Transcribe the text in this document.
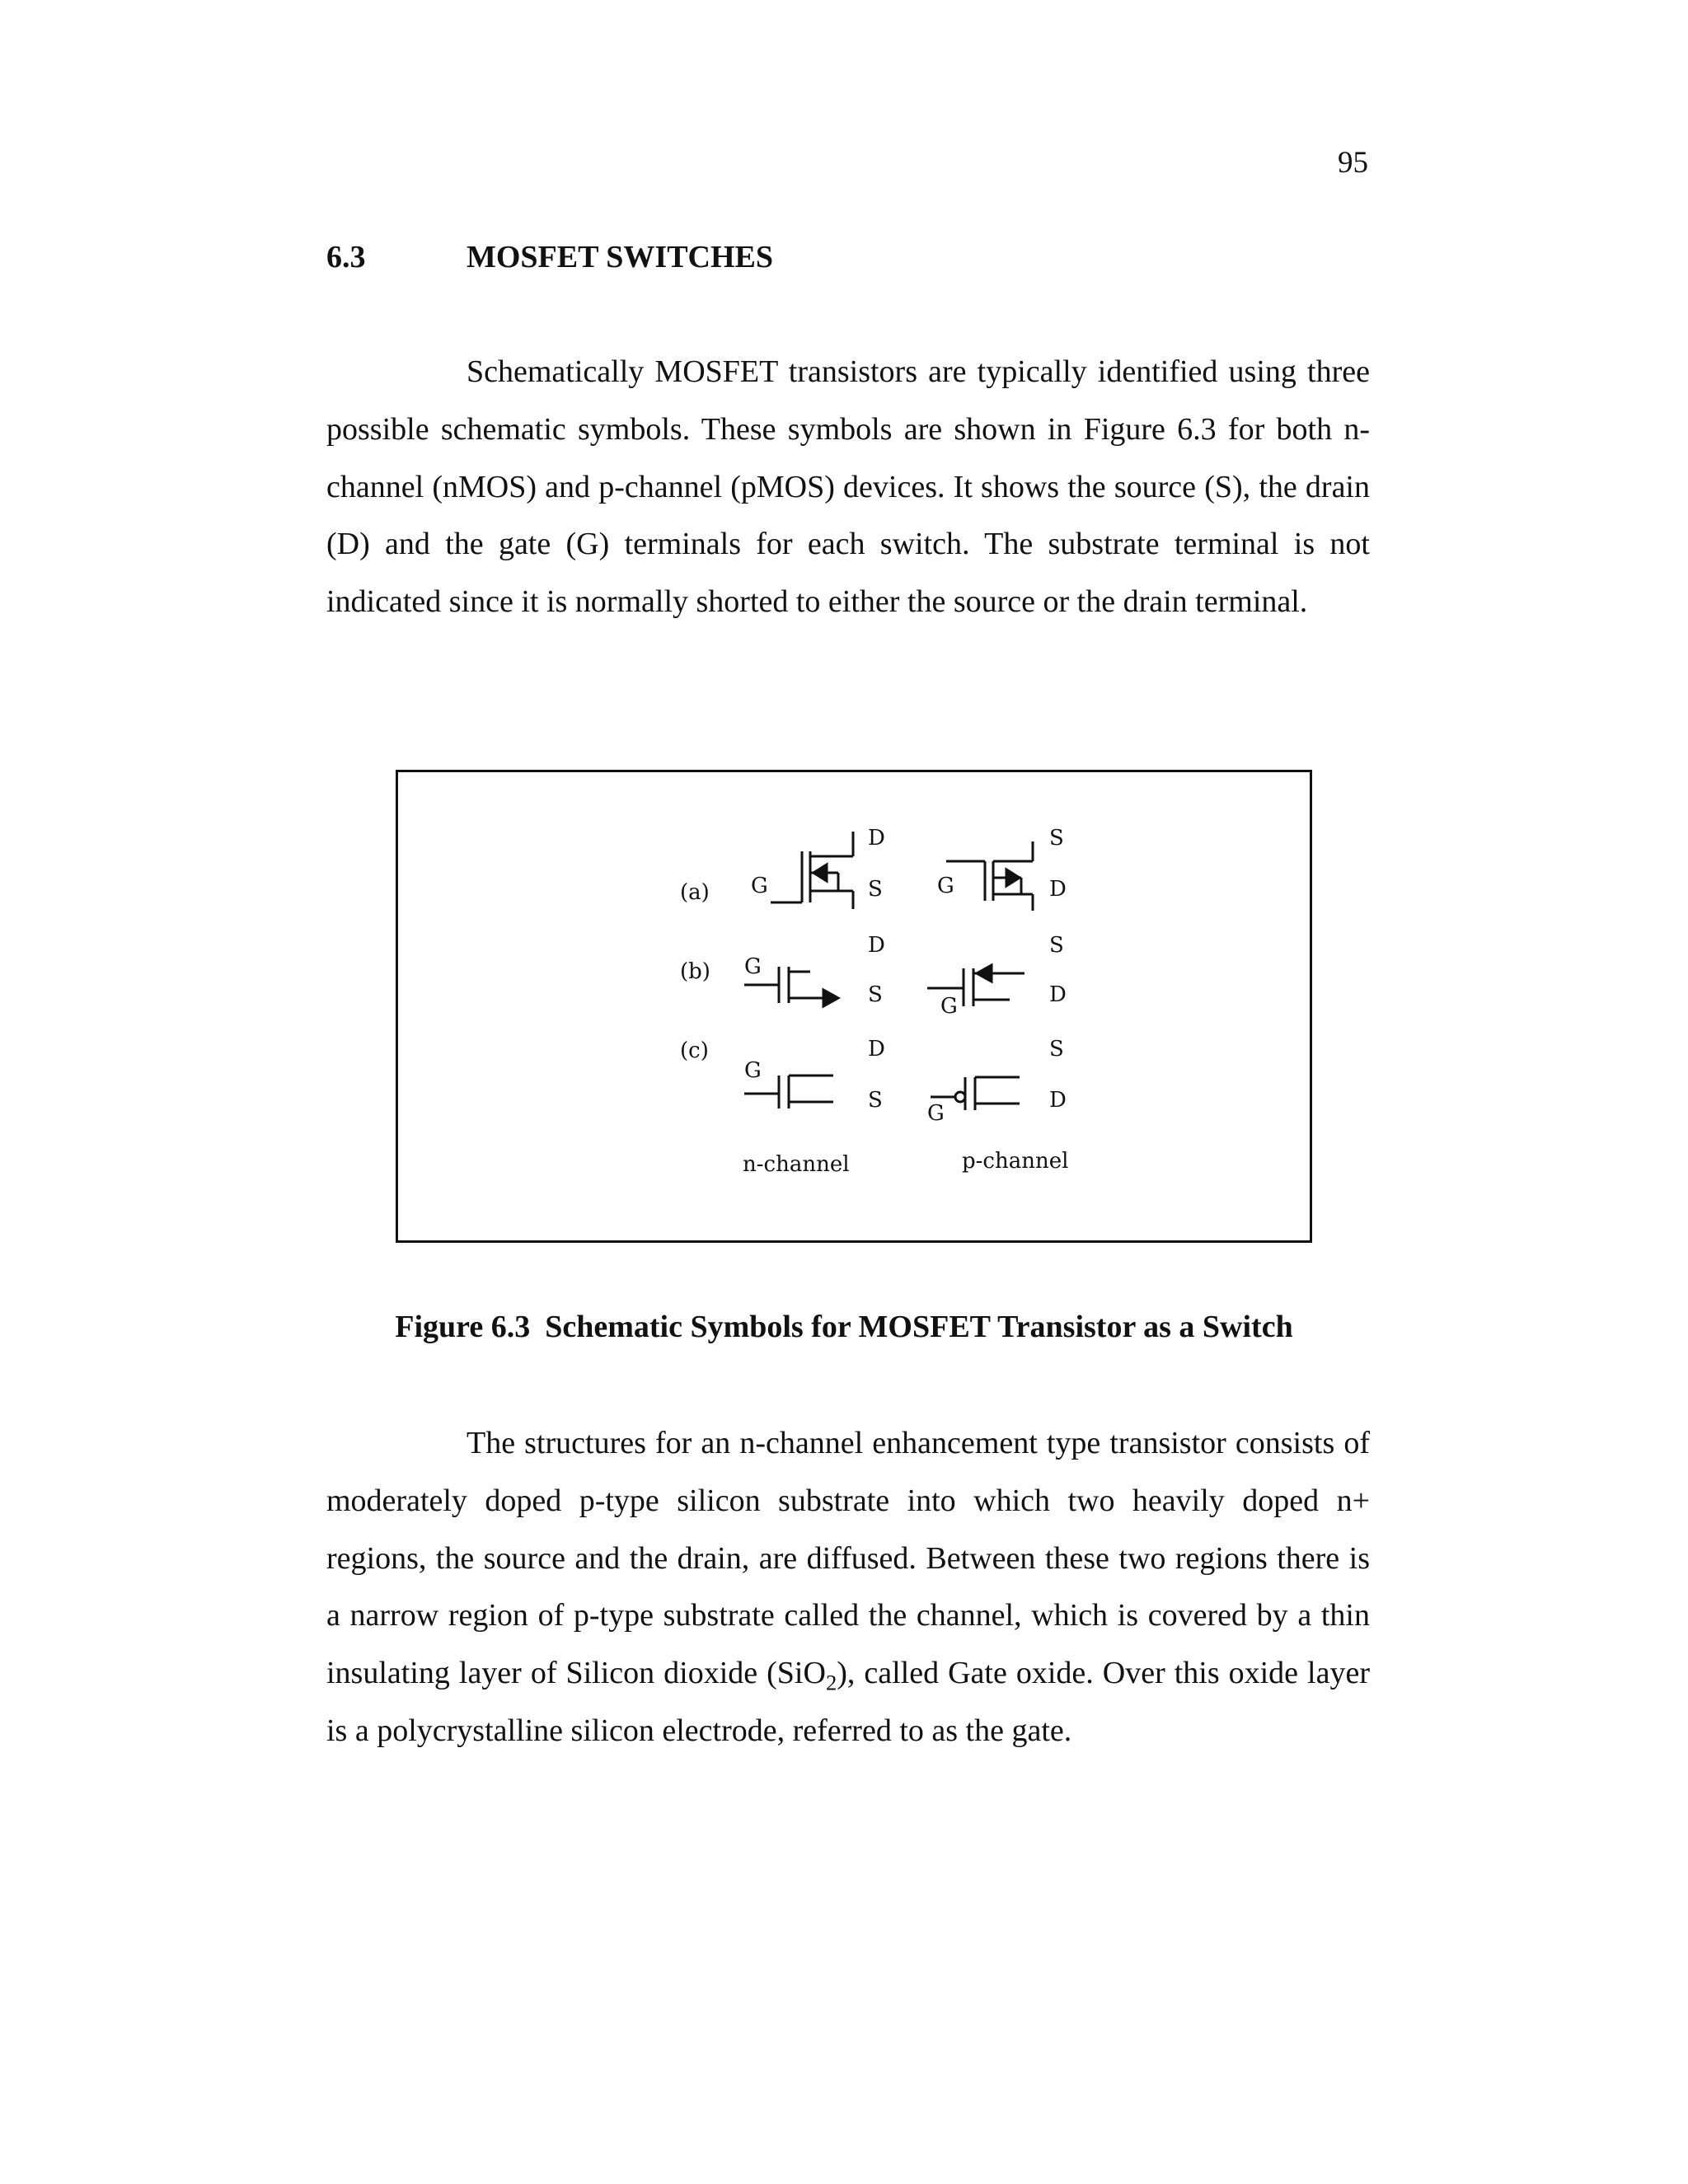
95
6.3	MOSFET SWITCHES

Schematically MOSFET transistors are typically identified using three possible schematic symbols. These symbols are shown in Figure 6.3 for both n-channel (nMOS) and p-channel (pMOS) devices. It shows the source (S), the drain (D) and the gate (G) terminals for each switch. The substrate terminal is not indicated since it is normally shorted to either the source or the drain terminal.

(a)
(b)
(c)
G	G
G
G
G
G
D
S
D
S
D
S
S
D
S
D
S
D
n-channel	p-channel
Figure 6.3 Schematic Symbols for MOSFET Transistor as a Switch

The structures for an n-channel enhancement type transistor consists of moderately doped p-type silicon substrate into which two heavily doped n+ regions, the source and the drain, are diffused. Between these two regions there is a narrow region of p-type substrate called the channel, which is covered by a thin insulating layer of Silicon dioxide (SiO$_2$), called Gate oxide. Over this oxide layer is a polycrystalline silicon electrode, referred to as the gate.
